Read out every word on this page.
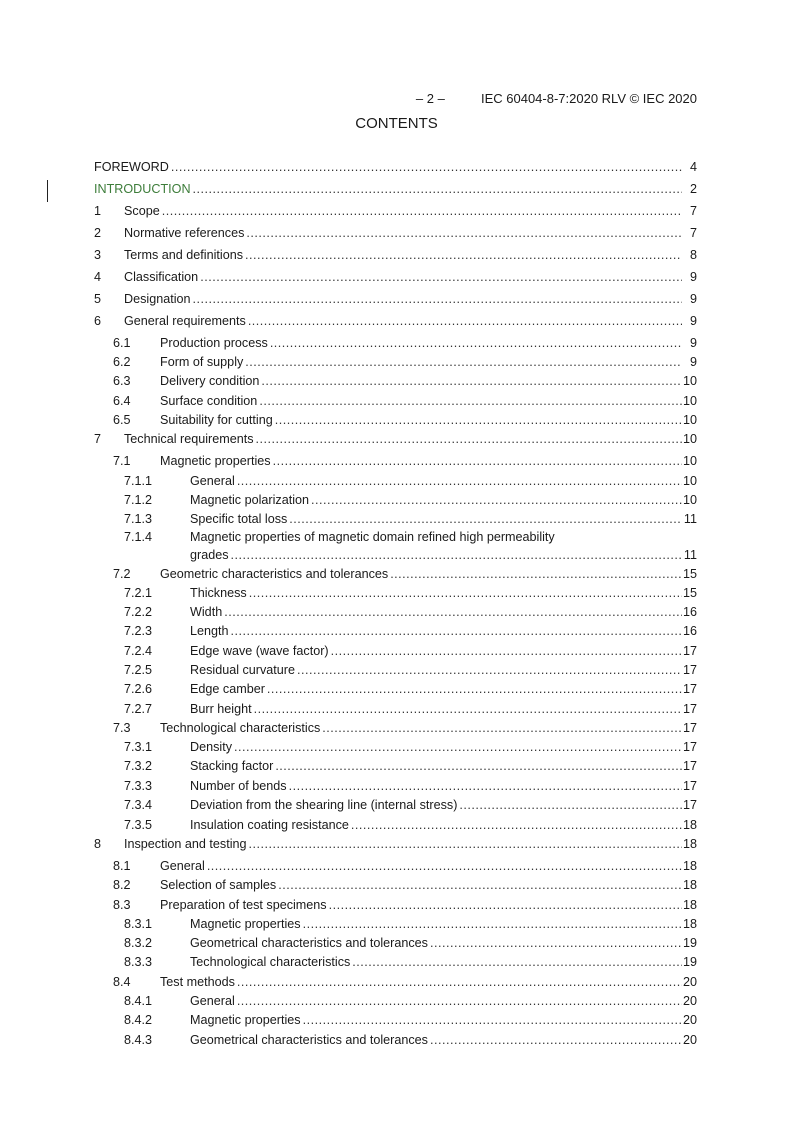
– 2 –	IEC 60404-8-7:2020 RLV © IEC 2020

CONTENTS
FOREWORD .....	4
INTRODUCTION .....	2
1 Scope .....	7
2 Normative references .....	7
3 Terms and definitions .....	8
4 Classification .....	9
5 Designation .....	9
6 General requirements .....	9
6.1 Production process .....	9
6.2 Form of supply .....	9
6.3 Delivery condition .....	10
6.4 Surface condition .....	10
6.5 Suitability for cutting .....	10
7 Technical requirements .....	10
7.1 Magnetic properties .....	10
7.1.1	General .....	10
7.1.2	Magnetic polarization .....	10
7.1.3	Specific total loss .....	11
7.1.4	Magnetic properties of magnetic domain refined high permeability
grades .....	11
7.2 Geometric characteristics and tolerances .....	15
7.2.1	Thickness .....	15
7.2.2	Width .....	16
7.2.3	Length .....	16
7.2.4	Edge wave (wave factor) .....	17
7.2.5	Residual curvature .....	17
7.2.6	Edge camber .....	17
7.2.7	Burr height .....	17
7.3 Technological characteristics .....	17
7.3.1	Density .....	17
7.3.2	Stacking factor .....	17
7.3.3	Number of bends .....	17
7.3.4	Deviation from the shearing line (internal stress) .....	17
7.3.5	Insulation coating resistance .....	18
8 Inspection and testing .....	18
8.1 General .....	18
8.2 Selection of samples .....	18
8.3 Preparation of test specimens .....	18
8.3.1	Magnetic properties .....	18
8.3.2	Geometrical characteristics and tolerances .....	19
8.3.3	Technological characteristics .....	19
8.4 Test methods .....	20
8.4.1	General .....	20
8.4.2	Magnetic properties .....	20
8.4.3	Geometrical characteristics and tolerances .....	20
